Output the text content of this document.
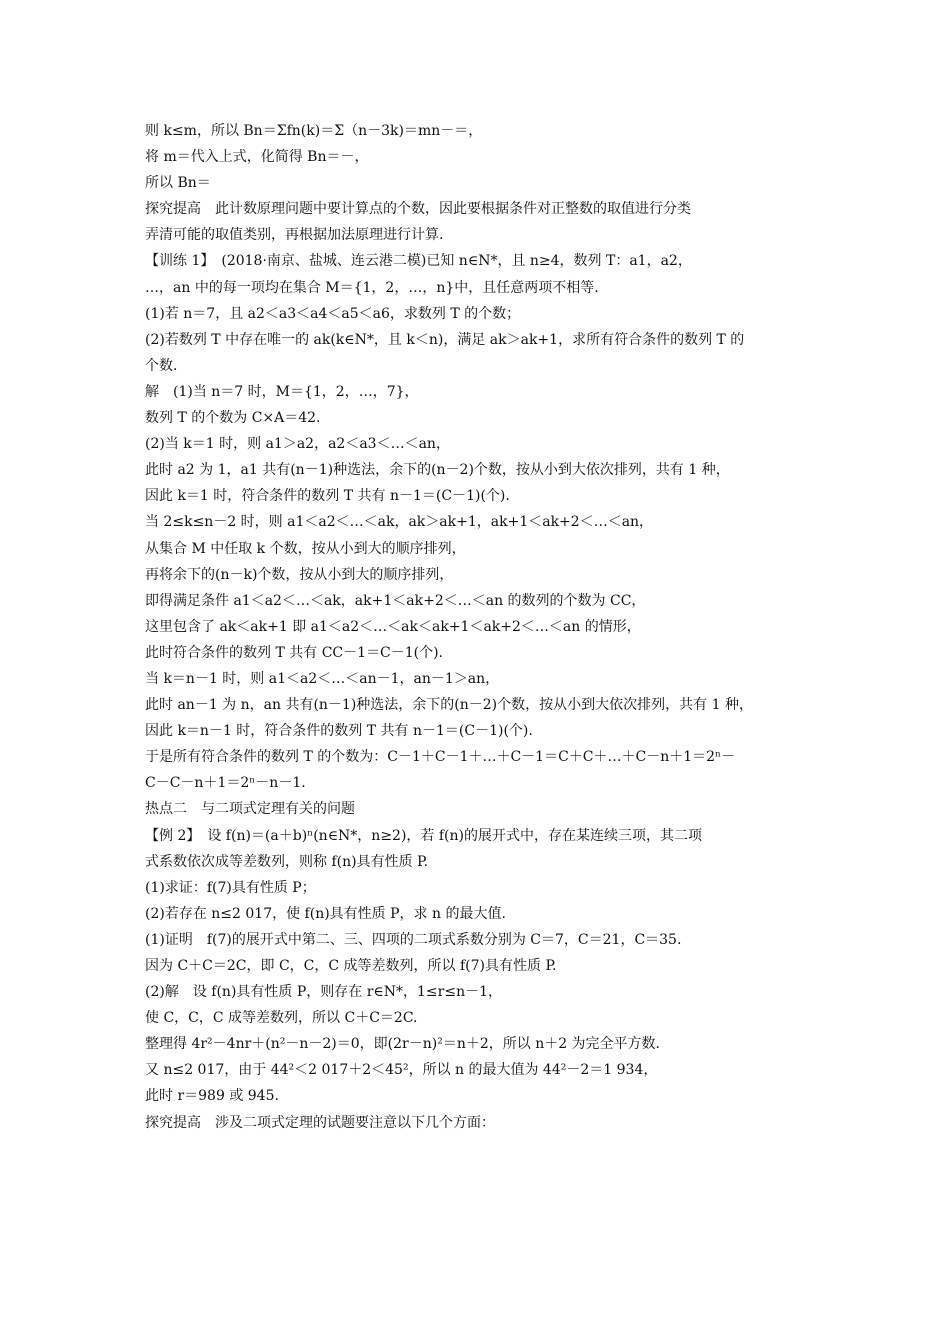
则 k≤m，所以 Bn＝Σfn(k)＝Σ（n－3k)＝mn－＝，
将 m＝代入上式，化简得 Bn＝－，
所以 Bn＝
探究提高　此计数原理问题中要计算点的个数，因此要根据条件对正整数的取值进行分类
弄清可能的取值类别，再根据加法原理进行计算.
【训练 1】　(2018·南京、盐城、连云港二模)已知 n∈N*，且 n≥4，数列 T：a1，a2，
…，an 中的每一项均在集合 M＝{1，2，…，n}中，且任意两项不相等.
(1)若 n＝7，且 a2＜a3＜a4＜a5＜a6，求数列 T 的个数；
(2)若数列 T 中存在唯一的 ak(k∈N*，且 k＜n)，满足 ak＞ak+1，求所有符合条件的数列 T 的
个数.
解　(1)当 n＝7 时，M＝{1，2，…，7}，
数列 T 的个数为 C×A＝42.
(2)当 k＝1 时，则 a1＞a2，a2＜a3＜…＜an，
此时 a2 为 1，a1 共有(n－1)种选法，余下的(n－2)个数，按从小到大依次排列，共有 1 种，
因此 k＝1 时，符合条件的数列 T 共有 n－1＝(C－1)(个).
当 2≤k≤n－2 时，则 a1＜a2＜…＜ak，ak＞ak+1，ak+1＜ak+2＜…＜an，
从集合 M 中任取 k 个数，按从小到大的顺序排列，
再将余下的(n－k)个数，按从小到大的顺序排列，
即得满足条件 a1＜a2＜…＜ak，ak+1＜ak+2＜…＜an 的数列的个数为 CC，
这里包含了 ak＜ak+1 即 a1＜a2＜…＜ak＜ak+1＜ak+2＜…＜an 的情形，
此时符合条件的数列 T 共有 CC－1＝C－1(个).
当 k＝n－1 时，则 a1＜a2＜…＜an－1，an－1＞an，
此时 an－1 为 n，an 共有(n－1)种选法，余下的(n－2)个数，按从小到大依次排列，共有 1 种，
因此 k＝n－1 时，符合条件的数列 T 共有 n－1＝(C－1)(个).
于是所有符合条件的数列 T 的个数为：C－1＋C－1＋…＋C－1＝C＋C＋…＋C－n＋1＝2ⁿ－
C－C－n＋1＝2ⁿ－n－1.
热点二　与二项式定理有关的问题
【例 2】　设 f(n)＝(a＋b)ⁿ(n∈N*，n≥2)，若 f(n)的展开式中，存在某连续三项，其二项
式系数依次成等差数列，则称 f(n)具有性质 P.
(1)求证：f(7)具有性质 P；
(2)若存在 n≤2 017，使 f(n)具有性质 P，求 n 的最大值.
(1)证明　f(7)的展开式中第二、三、四项的二项式系数分别为 C＝7，C＝21，C＝35.
因为 C＋C＝2C，即 C，C，C 成等差数列，所以 f(7)具有性质 P.
(2)解　设 f(n)具有性质 P，则存在 r∈N*，1≤r≤n－1，
使 C，C，C 成等差数列，所以 C＋C＝2C.
整理得 4r²－4nr＋(n²－n－2)＝0，即(2r－n)²＝n＋2，所以 n＋2 为完全平方数.
又 n≤2 017，由于 44²＜2 017＋2＜45²，所以 n 的最大值为 44²－2＝1 934，
此时 r＝989 或 945.
探究提高　涉及二项式定理的试题要注意以下几个方面：
